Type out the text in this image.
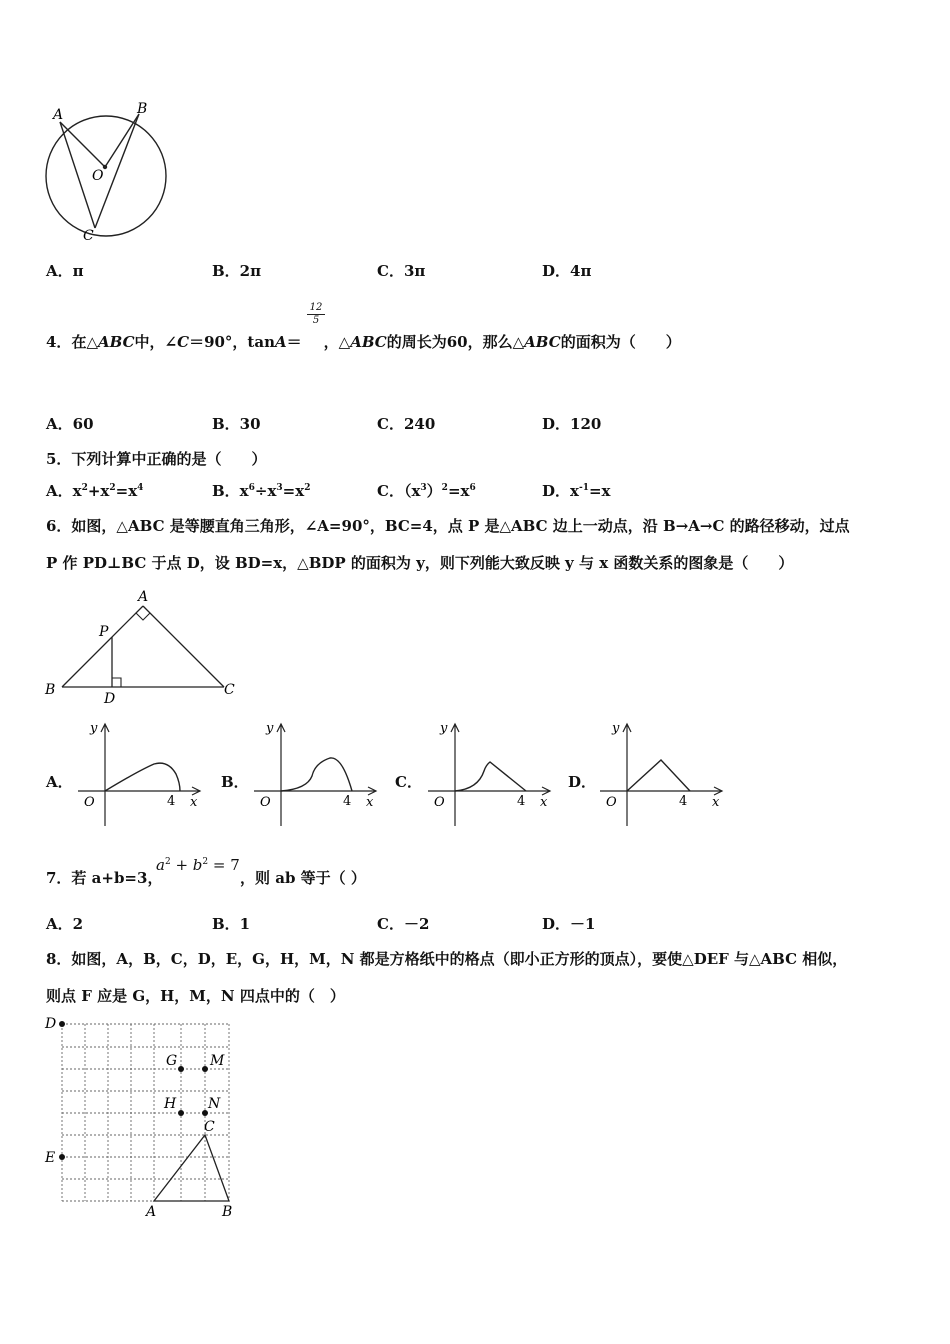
A	B
O
C
A．π	B．2π	C．3π	D．4π
4．在△ABC中，∠C＝90°，tanA＝ ，△ABC的周长为60，那么△ABC的面积为（　　）
$\frac{12}{5}$
A．60	B．30	C．240	D．120
5．下列计算中正确的是（　　）
A．$x^2+x^2=x^4$	B．$x^6\div x^3=x^2$	C．$(x^3)^2=x^6$	D．$x^{-1}=x$
6．如图，△ABC 是等腰直角三角形，∠A=90°，BC=4，点 P 是△ABC 边上一动点，沿 B→A→C 的路径移动，过点
P 作 PD⊥BC 于点 D，设 BD=x，△BDP 的面积为 y，则下列能大致反映 y 与 x 函数关系的图象是（　　）
A
P
B
D
C
A．	B．	C．	D．
y
x
O	4
y
x
O	4
y
x
O	4
y
x
O	4
7．若 a+b=3，
$a^2 + b^2 = 7$
，则 ab 等于（ ）
A．2	B．1	C．－2	D．－1
8．如图，A，B，C，D，E，G，H，M，N 都是方格纸中的格点（即小正方形的顶点），要使△DEF 与△ABC 相似，
则点 F 应是 G，H，M，N 四点中的（　）
D
G M
H N
C
E
A	B
